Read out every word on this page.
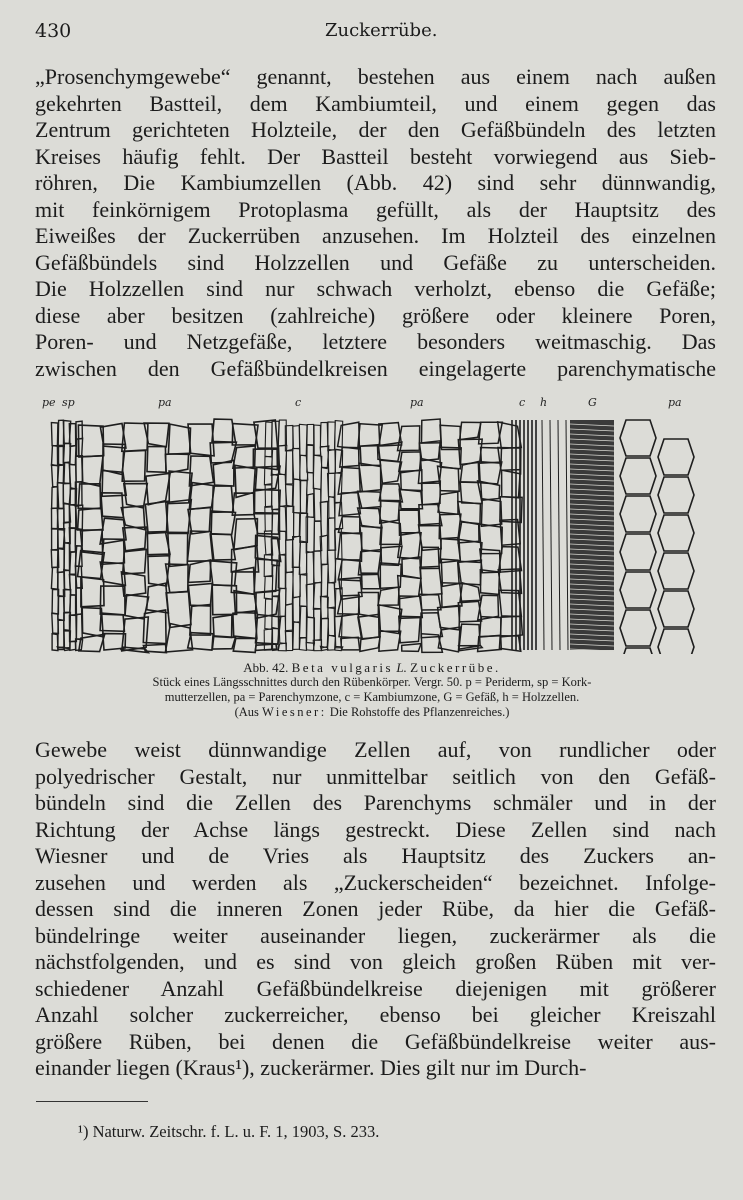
430	Zuckerrübe.
„Prosenchymgewebe“ genannt, bestehen aus einem nach außen
gekehrten Bastteil, dem Kambiumteil, und einem gegen das
Zentrum gerichteten Holzteile, der den Gefäßbündeln des letzten
Kreises häufig fehlt. Der Bastteil besteht vorwiegend aus Sieb-
röhren, Die Kambiumzellen (Abb. 42) sind sehr dünnwandig,
mit feinkörnigem Protoplasma gefüllt, als der Hauptsitz des
Eiweißes der Zuckerrüben anzusehen. Im Holzteil des einzelnen
Gefäßbündels sind Holzzellen und Gefäße zu unterscheiden.
Die Holzzellen sind nur schwach verholzt, ebenso die Gefäße;
diese aber besitzen (zahlreiche) größere oder kleinere Poren,
Poren- und Netzgefäße, letztere besonders weitmaschig. Das
zwischen den Gefäßbündelkreisen eingelagerte parenchymatische
pe sp	pa	c	pa	c h	G	pa
Abb. 42. Beta vulgaris L. Zuckerrübe.
Stück eines Längsschnittes durch den Rübenkörper. Vergr. 50. p = Periderm, sp = Kork-
mutterzellen, pa = Parenchymzone, c = Kambiumzone, G = Gefäß, h = Holzzellen.
(Aus Wiesner: Die Rohstoffe des Pflanzenreiches.)
Gewebe weist dünnwandige Zellen auf, von rundlicher oder
polyedrischer Gestalt, nur unmittelbar seitlich von den Gefäß-
bündeln sind die Zellen des Parenchyms schmäler und in der
Richtung der Achse längs gestreckt. Diese Zellen sind nach
Wiesner und de Vries als Hauptsitz des Zuckers an-
zusehen und werden als „Zuckerscheiden“ bezeichnet. Infolge-
dessen sind die inneren Zonen jeder Rübe, da hier die Gefäß-
bündelringe weiter auseinander liegen, zuckerärmer als die
nächstfolgenden, und es sind von gleich großen Rüben mit ver-
schiedener Anzahl Gefäßbündelkreise diejenigen mit größerer
Anzahl solcher zuckerreicher, ebenso bei gleicher Kreiszahl
größere Rüben, bei denen die Gefäßbündelkreise weiter aus-
einander liegen (Kraus¹), zuckerärmer. Dies gilt nur im Durch-
¹) Naturw. Zeitschr. f. L. u. F. 1, 1903, S. 233.
